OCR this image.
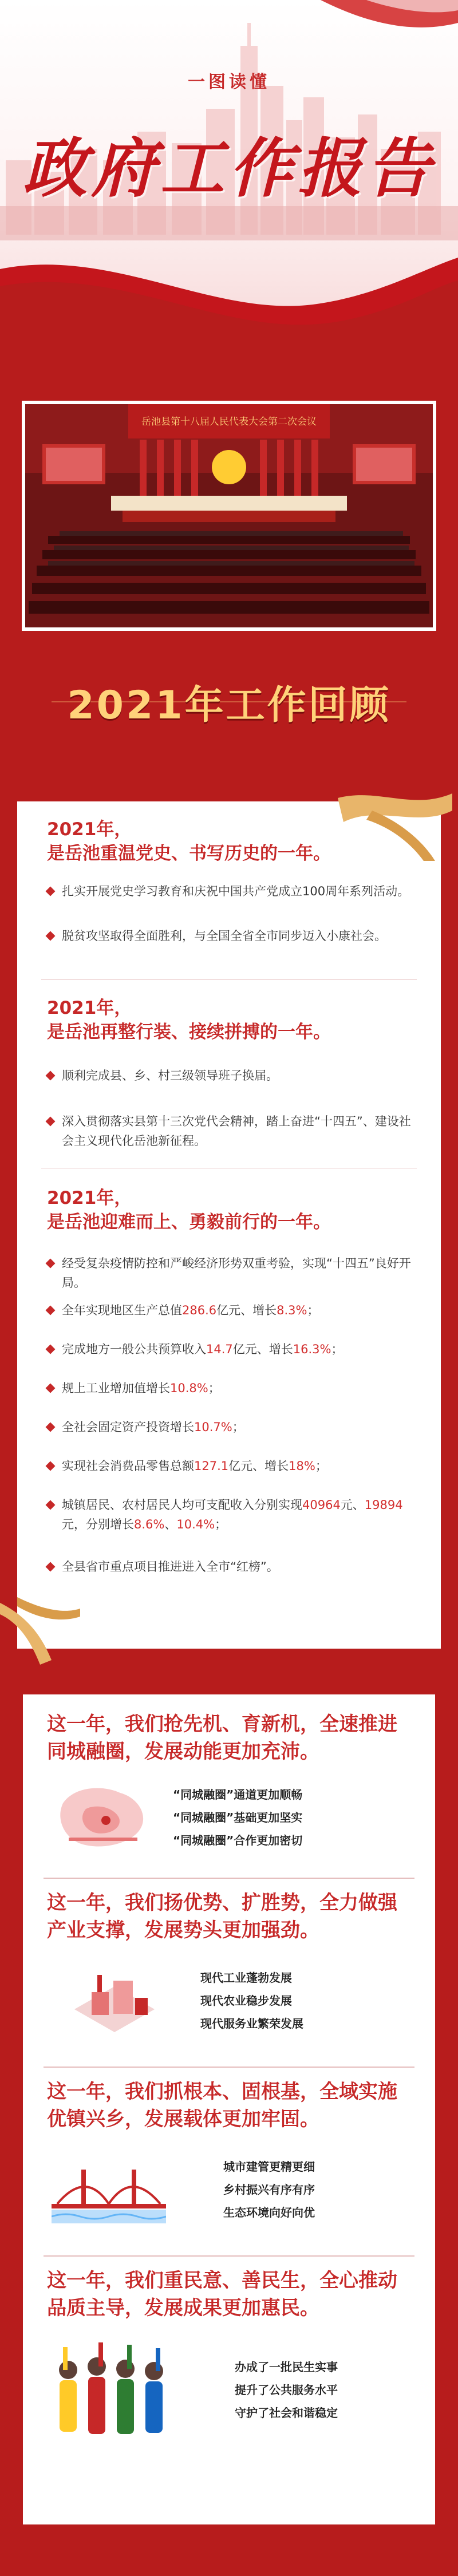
一图读懂
政府工作报告
岳池县第十八届人民代表大会第二次会议
2021年工作回顾
2021年，
是岳池重温党史、书写历史的一年。
扎实开展党史学习教育和庆祝中国共产党成立100周年系列活动。
脱贫攻坚取得全面胜利，与全国全省全市同步迈入小康社会。
2021年，
是岳池再整行装、接续拼搏的一年。
顺利完成县、乡、村三级领导班子换届。
深入贯彻落实县第十三次党代会精神，踏上奋进“十四五”、建设社会主义现代化岳池新征程。
2021年，
是岳池迎难而上、勇毅前行的一年。
经受复杂疫情防控和严峻经济形势双重考验，实现“十四五”良好开局。
全年实现地区生产总值286.6亿元、增长8.3%；
完成地方一般公共预算收入14.7亿元、增长16.3%；
规上工业增加值增长10.8%；
全社会固定资产投资增长10.7%；
实现社会消费品零售总额127.1亿元、增长18%；
城镇居民、农村居民人均可支配收入分别实现40964元、19894元，分别增长8.6%、10.4%；
全县省市重点项目推进进入全市“红榜”。
这一年，我们抢先机、育新机，全速推进同城融圈，发展动能更加充沛。
“同城融圈”通道更加顺畅
“同城融圈”基础更加坚实
“同城融圈”合作更加密切
这一年，我们扬优势、扩胜势，全力做强产业支撑，发展势头更加强劲。
现代工业蓬勃发展
现代农业稳步发展
现代服务业繁荣发展
这一年，我们抓根本、固根基，全域实施优镇兴乡，发展载体更加牢固。
城市建管更精更细
乡村振兴有序有序
生态环境向好向优
这一年，我们重民意、善民生，全心推动品质主导，发展成果更加惠民。
办成了一批民生实事
提升了公共服务水平
守护了社会和谐稳定
